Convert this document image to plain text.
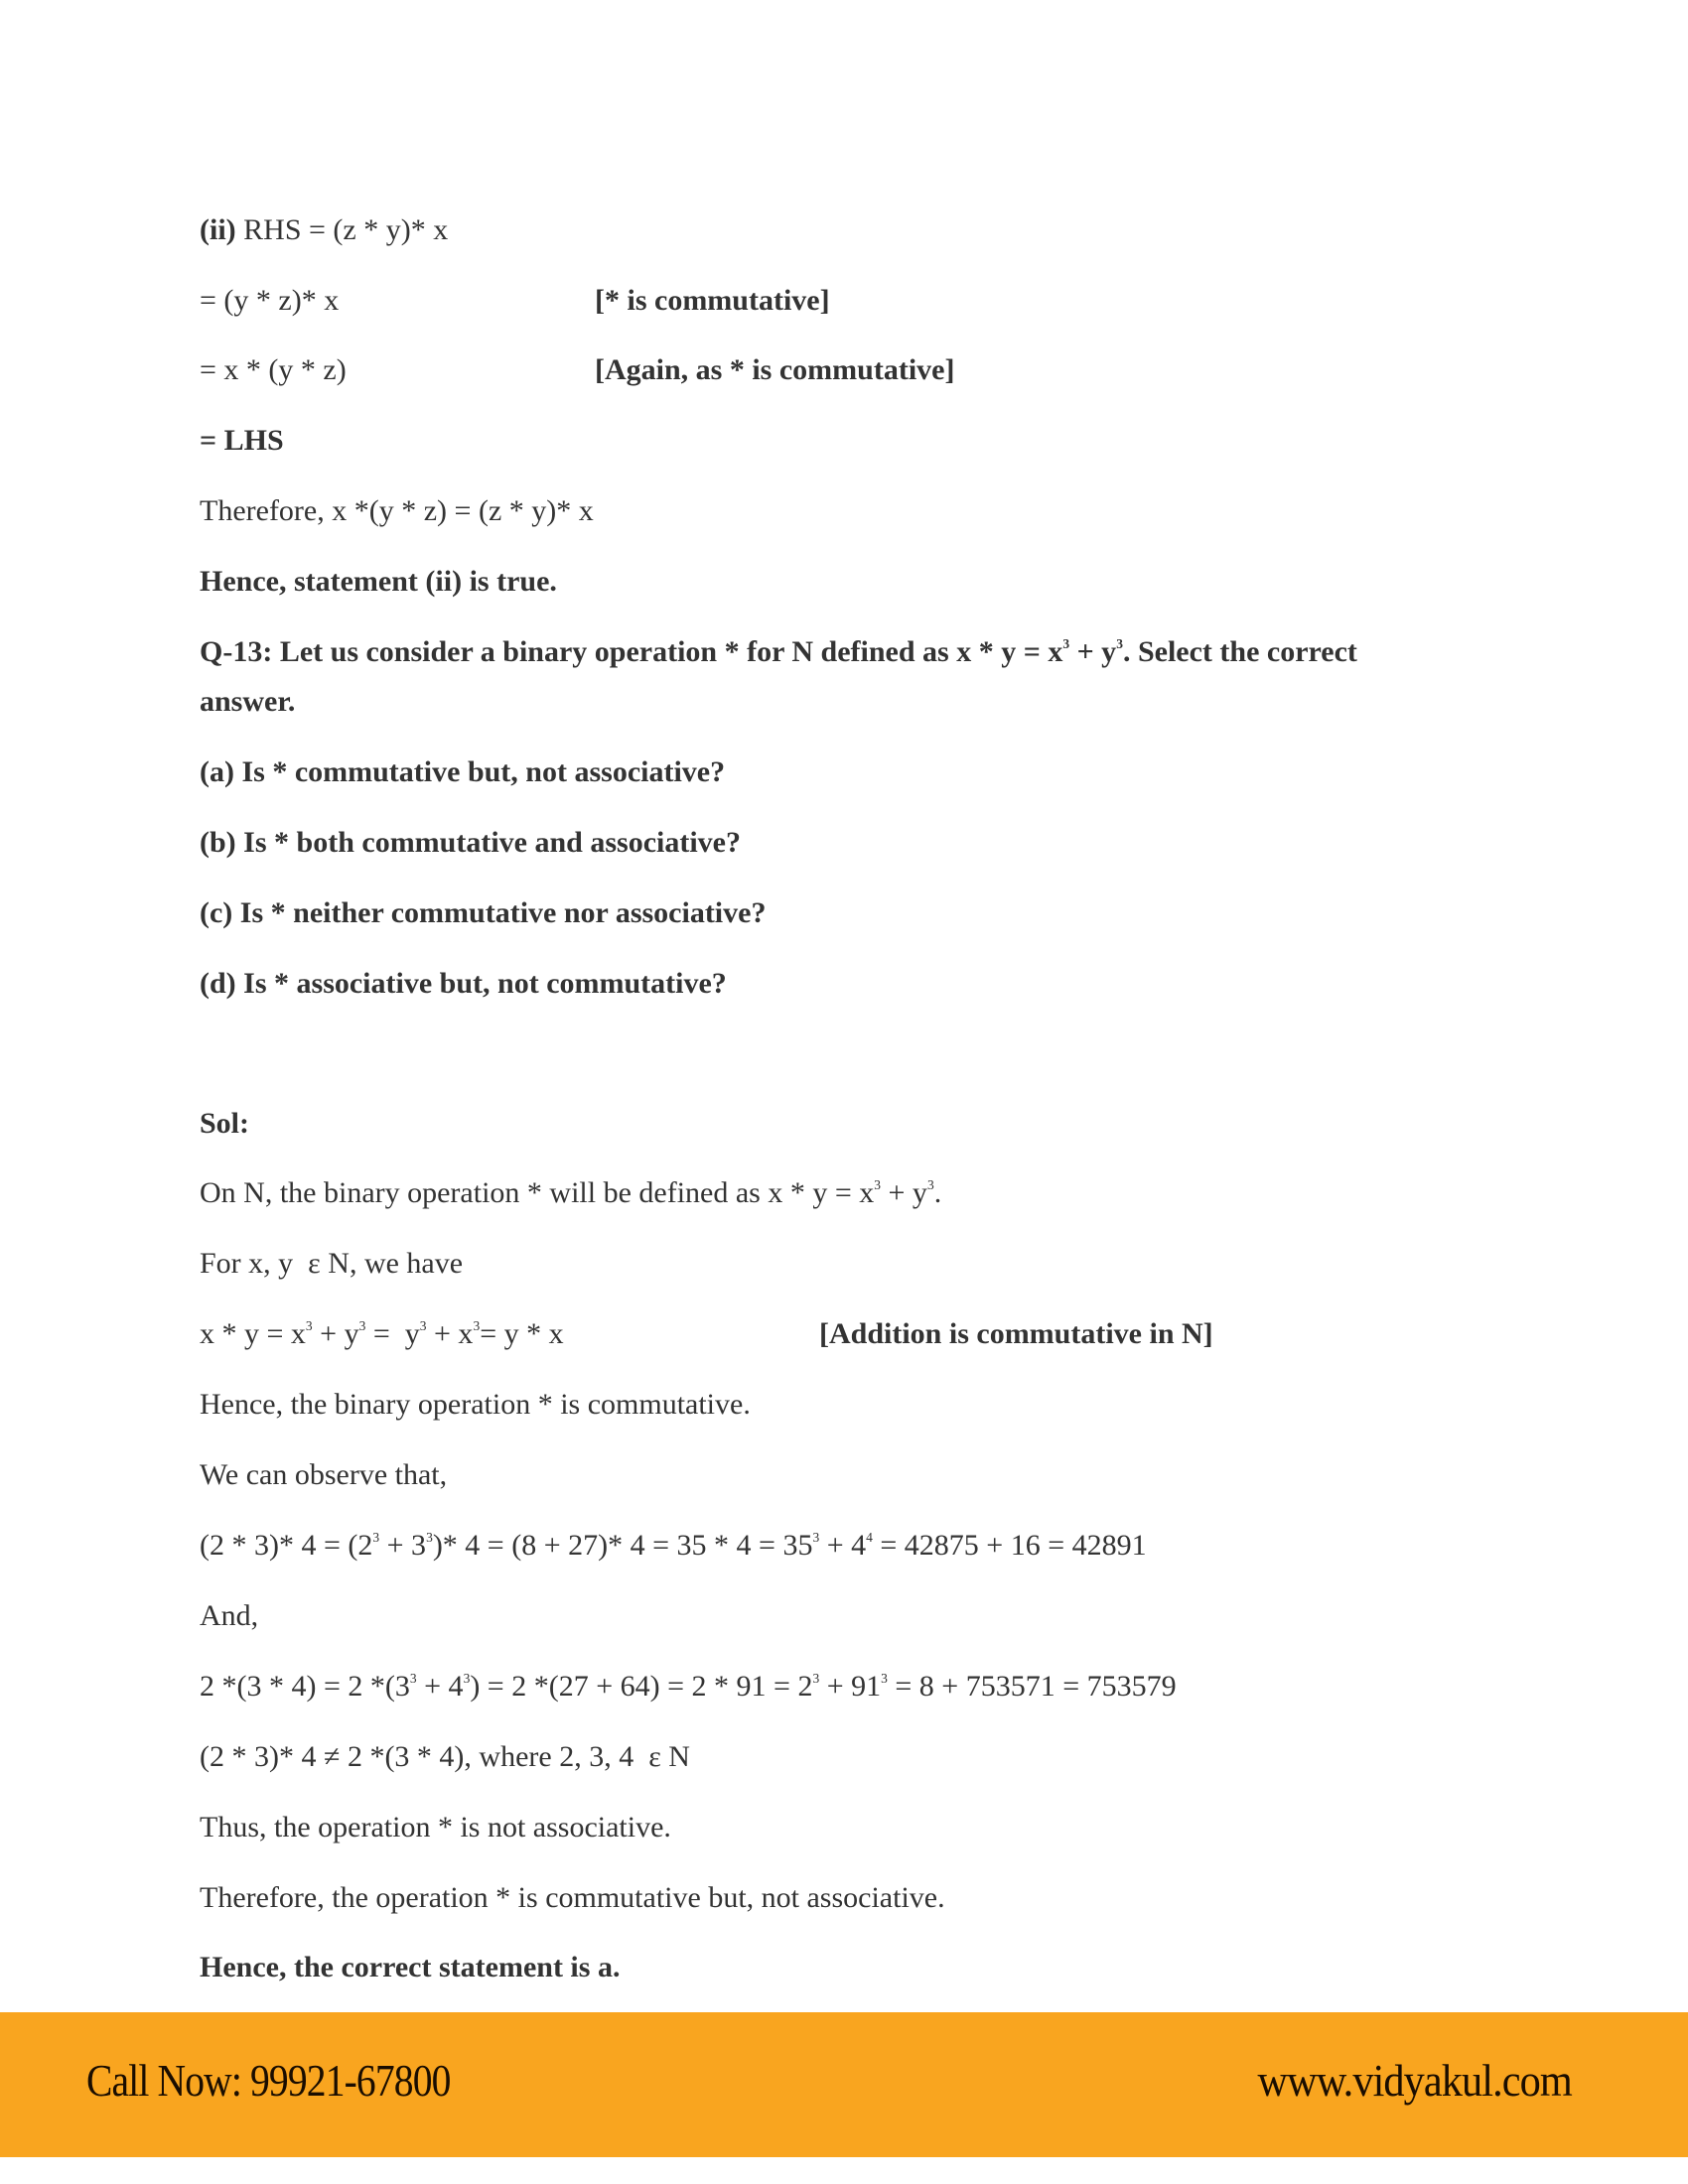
(ii) RHS = (z * y)* x
= (y * z)* x	[* is commutative]
= x * (y * z)	[Again, as * is commutative]
= LHS
Therefore, x *(y * z) = (z * y)* x
Hence, statement (ii) is true.
Q-13: Let us consider a binary operation * for N defined as $x * y = x^3 + y^3$. Select the correct
answer.
(a) Is * commutative but, not associative?
(b) Is * both commutative and associative?
(c) Is * neither commutative nor associative?
(d) Is * associative but, not commutative?
Sol:
On N, the binary operation * will be defined as $x * y = x^3 + y^3$.
For x, y  ε N, we have
$x * y = x^3 + y^3 = y^3 + x^3= y * x$	[Addition is commutative in N]
Hence, the binary operation * is commutative.
We can observe that,
(2 * 3)* $4 = (2^3 + 3^3)*$ 4 = (8 + 27)* $4 = 35 * 4 = 35^3 + 4^4 = 42875 + 16 = 42891$
And,
2 *(3 * 4) = 2 $*(3^3 + 4^3) = 2$ $*(27 + 64) = 2 * 91 = 2^3 + 91^3 = 8 + 753571 = 753579$
(2 * 3)* 4 ≠ 2 *(3 * 4), where 2, 3, 4  ε N
Thus, the operation * is not associative.
Therefore, the operation * is commutative but, not associative.
Hence, the correct statement is a.
Call Now: 99921-67800	www.vidyakul.com
